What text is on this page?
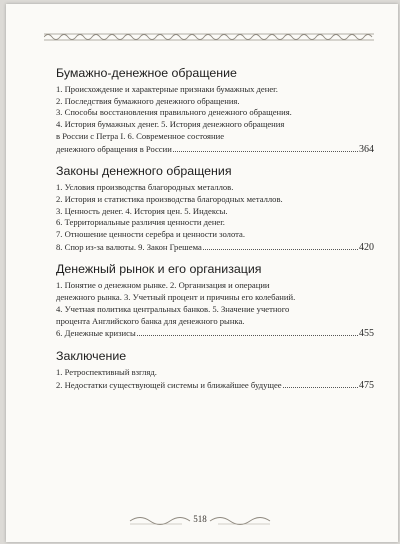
Бумажно-денежное обращение
1. Происхождение и характерные признаки бумажных денег.
2. Последствия бумажного денежного обращения.
3. Способы восстановления правильного денежного обращения.
4. История бумажных денег. 5. История денежного обращения
в России с Петра I. 6. Современное состояние
денежного обращения в России	364
Законы денежного обращения
1. Условия производства благородных металлов.
2. История и статистика производства благородных металлов.
3. Ценность денег. 4. История цен. 5. Индексы.
6. Территориальные различия ценности денег.
7. Отношение ценности серебра и ценности золота.
8. Спор из-за валюты. 9. Закон Грешема	420
Денежный рынок и его организация
1. Понятие о денежном рынке. 2. Организация и операции
денежного рынка. 3. Учетный процент и причины его колебаний.
4. Учетная политика центральных банков. 5. Значение учетного
процента Английского банка для денежного рынка.
6. Денежные кризисы	455
Заключение
1. Ретроспективный взгляд.
2. Недостатки существующей системы и ближайшее будущее	475
518
